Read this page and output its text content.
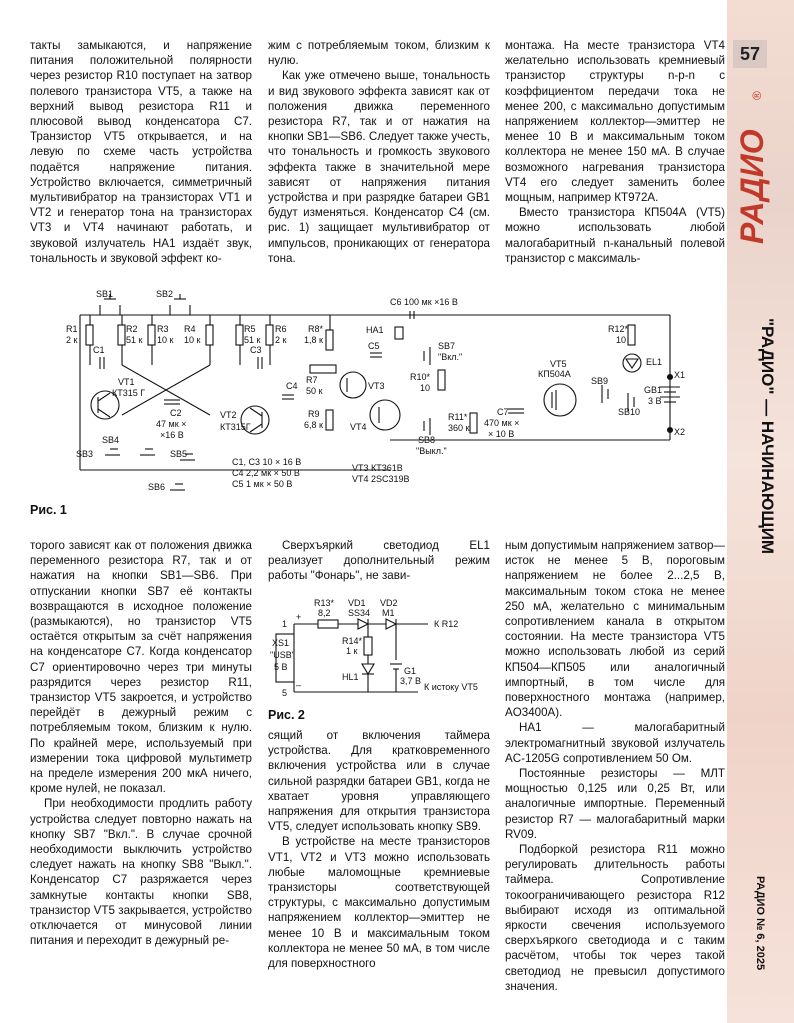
такты замыкаются, и напряжение питания положительной полярности через резистор R10 поступает на затвор полевого транзистора VT5, а также на верхний вывод резистора R11 и плюсовой вывод конденсатора C7. Транзистор VT5 открывается, и на левую по схеме часть устройства подаётся напряжение питания. Устройство включается, симметричный мультивибратор на транзисторах VT1 и VT2 и генератор тона на транзисторах VT3 и VT4 начинают работать, и звуковой излучатель HA1 издаёт звук, тональность и звуковой эффект ко-

жим с потребляемым током, близким к нулю.

Как уже отмечено выше, тональность и вид звукового эффекта зависят как от положения движка переменного резистора R7, так и от нажатия на кнопки SB1—SB6. Следует также учесть, что тональность и громкость звукового эффекта также в значительной мере зависят от напряжения питания устройства и при разрядке батареи GB1 будут изменяться. Конденсатор C4 (см. рис. 1) защищает мультивибратор от импульсов, проникающих от генератора тона.

монтажа. На месте транзистора VT4 желательно использовать кремниевый транзистор структуры n-p-n с коэффициентом передачи тока не менее 200, с максимально допустимым напряжением коллектор—эмиттер не менее 10 В и максимальным током коллектора не менее 150 мА. В случае возможного нагревания транзистора VT4 его следует заменить более мощным, например КТ972А.

Вместо транзистора КП504А (VT5) можно использовать любой малогабаритный n-канальный полевой транзистор с максималь-

торого зависят как от положения движка переменного резистора R7, так и от нажатия на кнопки SB1—SB6. При отпускании кнопки SB7 её контакты возвращаются в исходное положение (размыкаются), но транзистор VT5 остаётся открытым за счёт напряжения на конденсаторе C7. Когда конденсатор C7 ориентировочно через три минуты разрядится через резистор R11, транзистор VT5 закроется, и устройство перейдёт в дежурный режим с потребляемым током, близким к нулю. По крайней мере, используемый при измерении тока цифровой мультиметр на пределе измерения 200 мкА ничего, кроме нулей, не показал.

При необходимости продлить работу устройства следует повторно нажать на кнопку SB7 "Вкл.". В случае срочной необходимости выключить устройство следует нажать на кнопку SB8 "Выкл.". Конденсатор C7 разряжается через замкнутые контакты кнопки SB8, транзистор VT5 закрывается, устройство отключается от минусовой линии питания и переходит в дежурный ре-

Сверхъяркий светодиод EL1 реализует дополнительный режим работы "Фонарь", не зави-

сящий от включения таймера устройства. Для кратковременного включения устройства или в случае сильной разрядки батареи GB1, когда не хватает уровня управляющего напряжения для открытия транзистора VT5, следует использовать кнопку SB9.

В устройстве на месте транзисторов VT1, VT2 и VT3 можно использовать любые маломощные кремниевые транзисторы соответствующей структуры, с максимально допустимым напряжением коллектор—эмиттер не менее 10 В и максимальным током коллектора не менее 50 мА, в том числе для поверхностного

ным допустимым напряжением затвор—исток не менее 5 В, пороговым напряжением не более 2...2,5 В, максимальным током стока не менее 250 мА, желательно с минимальным сопротивлением канала в открытом состоянии. На месте транзистора VT5 можно использовать любой из серий КП504—КП505 или аналогичный импортный, в том числе для поверхностного монтажа (например, AO3400A).

HA1 — малогабаритный электромагнитный звуковой излучатель AC-1205G сопротивлением 50 Ом.

Постоянные резисторы — МЛТ мощностью 0,125 или 0,25 Вт, или аналогичные импортные. Переменный резистор R7 — малогабаритный марки RV09.

Подборкой резистора R11 можно регулировать длительность работы таймера. Сопротивление токоограничивающего резистора R12 выбирают исходя из оптимальной яркости свечения используемого сверхъяркого светодиода и с таким расчётом, чтобы ток через такой светодиод не превысил допустимого значения.

57
РАДИО
®
"РАДИО" — НАЧИНАЮЩИМ
РАДИО № 6, 2025
SB1	SB2
R1
2 к
R2
51 к
R3
10 к
R4
10 к
R5
51 к
R6
2 к
C1	C3
VT1
КТ315 Г
C2
47 мк ×
×16 В
VT2
КТ315Г
C4
SB3
SB4
SB5
SB6
R8*
1,8 к
R7
50 к
R9
6,8 к
C5
HA1
VT3
VT4
C6 100 мк ×16 В
SB7
"Вкл."
R10*
10
SB8
"Выкл."
R11*
360 к
C7
470 мк ×
× 10 В
VT5
КП504А
R12*
10
EL1
SB9
SB10
GB1
3 В
X1
X2
C1, C3 10 × 16 В
C4 2,2 мк × 50 В
C5 1 мк × 50 В
VT3 КТ361В
VT4 2SC319B
Рис. 1
R13*
8,2
VD1
SS34
VD2
M1
К R12
R14*
1 к
HL1
G1
3,7 В
XS1
"USB"
5 В
+
–
1
5
К истоку VT5
Рис. 2
